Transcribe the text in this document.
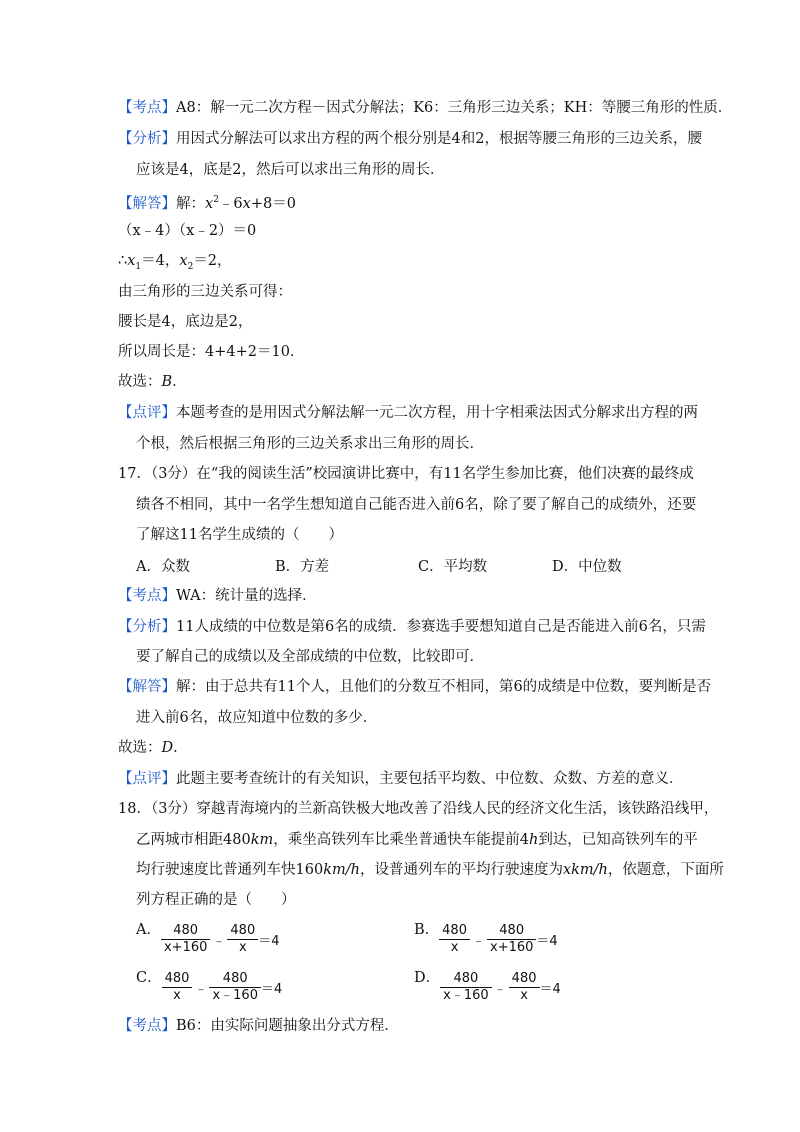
【考点】A8：解一元二次方程－因式分解法；K6：三角形三边关系；KH：等腰三角形的性质．
【分析】用因式分解法可以求出方程的两个根分别是4和2，根据等腰三角形的三边关系，腰
应该是4，底是2，然后可以求出三角形的周长．
【解答】解：$x^2﹣6x+8=0$
（x﹣4）（x﹣2）＝0
$\therefore x_1=4$，$x_2=2$，
由三角形的三边关系可得：
腰长是4，底边是2，
所以周长是：4+4+2＝10．
故选：B．
【点评】本题考查的是用因式分解法解一元二次方程，用十字相乘法因式分解求出方程的两
个根，然后根据三角形的三边关系求出三角形的周长．
17．（3分）在“我的阅读生活”校园演讲比赛中，有11名学生参加比赛，他们决赛的最终成
绩各不相同，其中一名学生想知道自己能否进入前6名，除了要了解自己的成绩外，还要
了解这11名学生成绩的（　　）
A．众数	B．方差	C．平均数	D．中位数
【考点】WA：统计量的选择．
【分析】11人成绩的中位数是第6名的成绩．参赛选手要想知道自己是否能进入前6名，只需
要了解自己的成绩以及全部成绩的中位数，比较即可．
【解答】解：由于总共有11个人，且他们的分数互不相同，第6的成绩是中位数，要判断是否
进入前6名，故应知道中位数的多少．
故选：D．
【点评】此题主要考查统计的有关知识，主要包括平均数、中位数、众数、方差的意义．
18．（3分）穿越青海境内的兰新高铁极大地改善了沿线人民的经济文化生活，该铁路沿线甲，
乙两城市相距480km，乘坐高铁列车比乘坐普通快车能提前4h到达，已知高铁列车的平
均行驶速度比普通列车快160km/h，设普通列车的平均行驶速度为xkm/h，依题意，下面所
列方程正确的是（　　）
A． $\frac{480}{x+160}$ ﹣ $\frac{480}{x} =4$
B． $\frac{480}{x}$ ﹣ $\frac{480}{x+160} =4$
C． $\frac{480}{x}$ ﹣ $\frac{480}{x﹣160} =4$
D． $\frac{480}{x﹣160}$ ﹣ $\frac{480}{x} =4$
【考点】B6：由实际问题抽象出分式方程．
